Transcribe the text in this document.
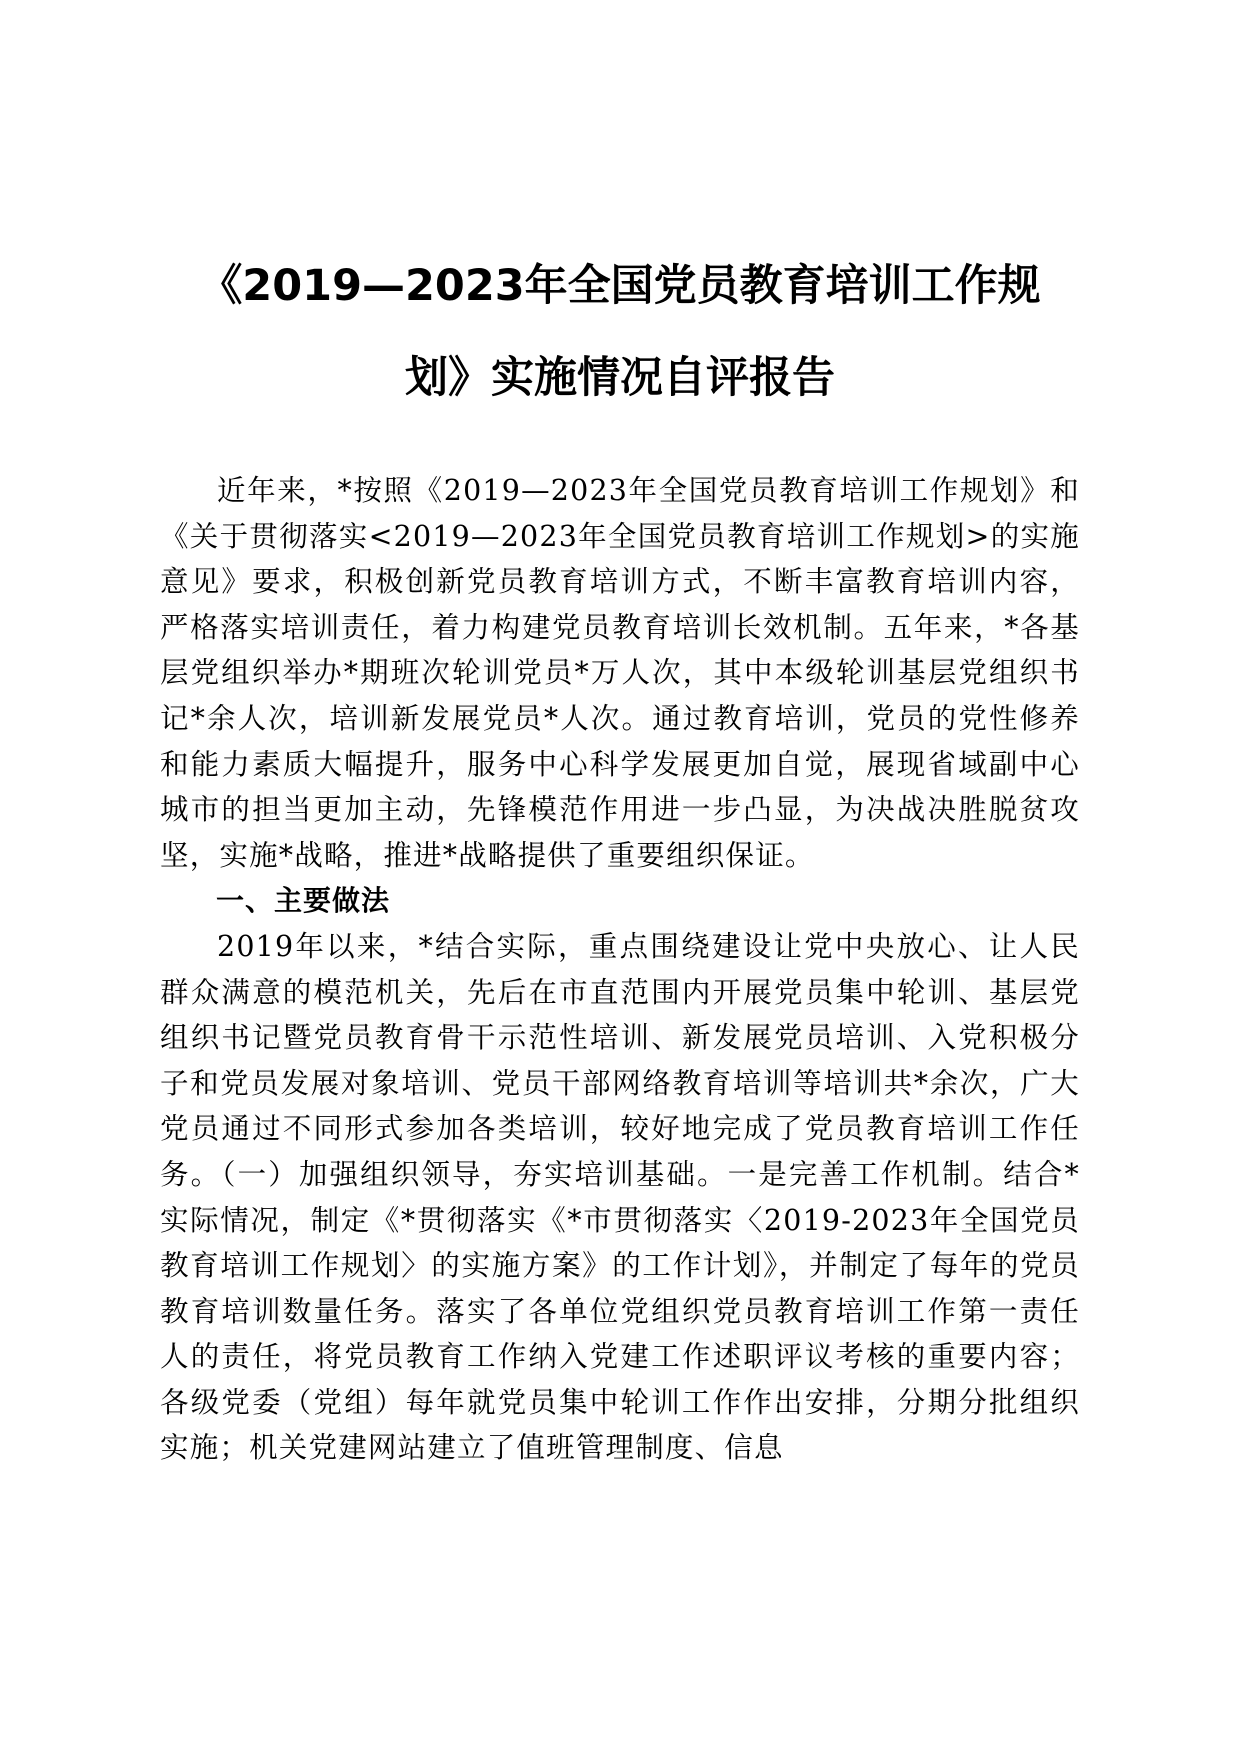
《2019—2023年全国党员教育培训工作规
划》实施情况自评报告

近年来，*按照《2019—2023年全国党员教育培训工作规划》和《关于贯彻落实<2019—2023年全国党员教育培训工作规划>的实施意见》要求，积极创新党员教育培训方式，不断丰富教育培训内容，严格落实培训责任，着力构建党员教育培训长效机制。五年来，*各基层党组织举办*期班次轮训党员*万人次，其中本级轮训基层党组织书记*余人次，培训新发展党员*人次。通过教育培训，党员的党性修养和能力素质大幅提升，服务中心科学发展更加自觉，展现省域副中心城市的担当更加主动，先锋模范作用进一步凸显，为决战决胜脱贫攻坚，实施*战略，推进*战略提供了重要组织保证。

一、主要做法

2019年以来，*结合实际，重点围绕建设让党中央放心、让人民群众满意的模范机关，先后在市直范围内开展党员集中轮训、基层党组织书记暨党员教育骨干示范性培训、新发展党员培训、入党积极分子和党员发展对象培训、党员干部网络教育培训等培训共*余次，广大党员通过不同形式参加各类培训，较好地完成了党员教育培训工作任务。（一）加强组织领导，夯实培训基础。一是完善工作机制。结合*实际情况，制定《*贯彻落实《*市贯彻落实〈2019-2023年全国党员教育培训工作规划〉的实施方案》的工作计划》，并制定了每年的党员教育培训数量任务。落实了各单位党组织党员教育培训工作第一责任人的责任，将党员教育工作纳入党建工作述职评议考核的重要内容；各级党委（党组）每年就党员集中轮训工作作出安排，分期分批组织实施；机关党建网站建立了值班管理制度、信息
